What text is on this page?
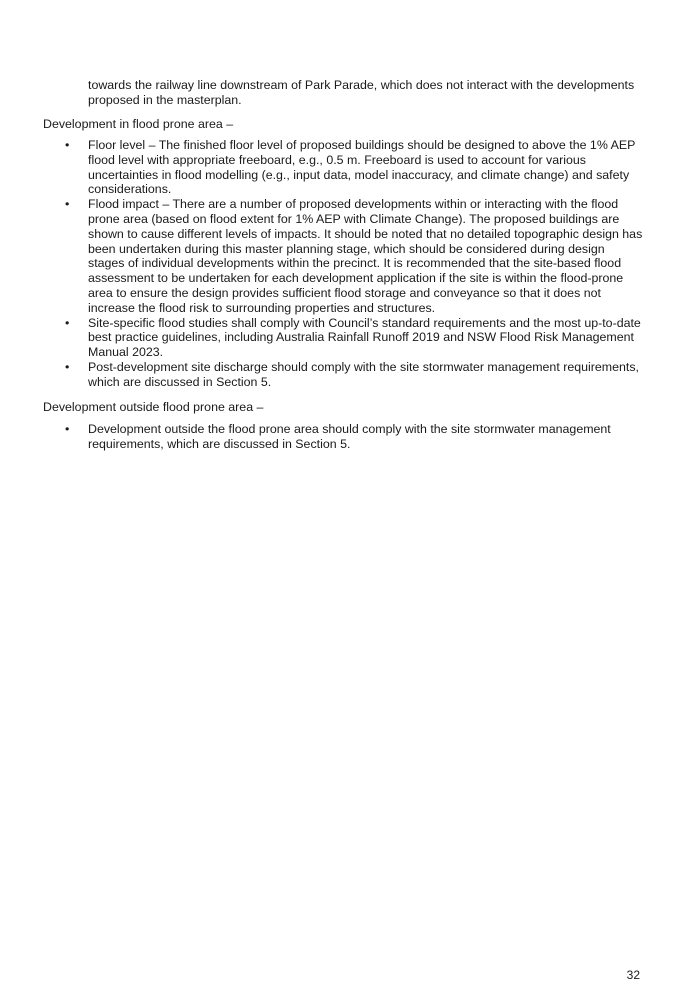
towards the railway line downstream of Park Parade, which does not interact with the developments proposed in the masterplan.

Development in flood prone area –

• Floor level – The finished floor level of proposed buildings should be designed to above the 1% AEP flood level with appropriate freeboard, e.g., 0.5 m. Freeboard is used to account for various uncertainties in flood modelling (e.g., input data, model inaccuracy, and climate change) and safety considerations.
• Flood impact – There are a number of proposed developments within or interacting with the flood prone area (based on flood extent for 1% AEP with Climate Change). The proposed buildings are shown to cause different levels of impacts. It should be noted that no detailed topographic design has been undertaken during this master planning stage, which should be considered during design stages of individual developments within the precinct. It is recommended that the site-based flood assessment to be undertaken for each development application if the site is within the flood-prone area to ensure the design provides sufficient flood storage and conveyance so that it does not increase the flood risk to surrounding properties and structures.
• Site-specific flood studies shall comply with Council’s standard requirements and the most up-to-date best practice guidelines, including Australia Rainfall Runoff 2019 and NSW Flood Risk Management Manual 2023.
• Post-development site discharge should comply with the site stormwater management requirements, which are discussed in Section 5.

Development outside flood prone area –

• Development outside the flood prone area should comply with the site stormwater management requirements, which are discussed in Section 5.
32
